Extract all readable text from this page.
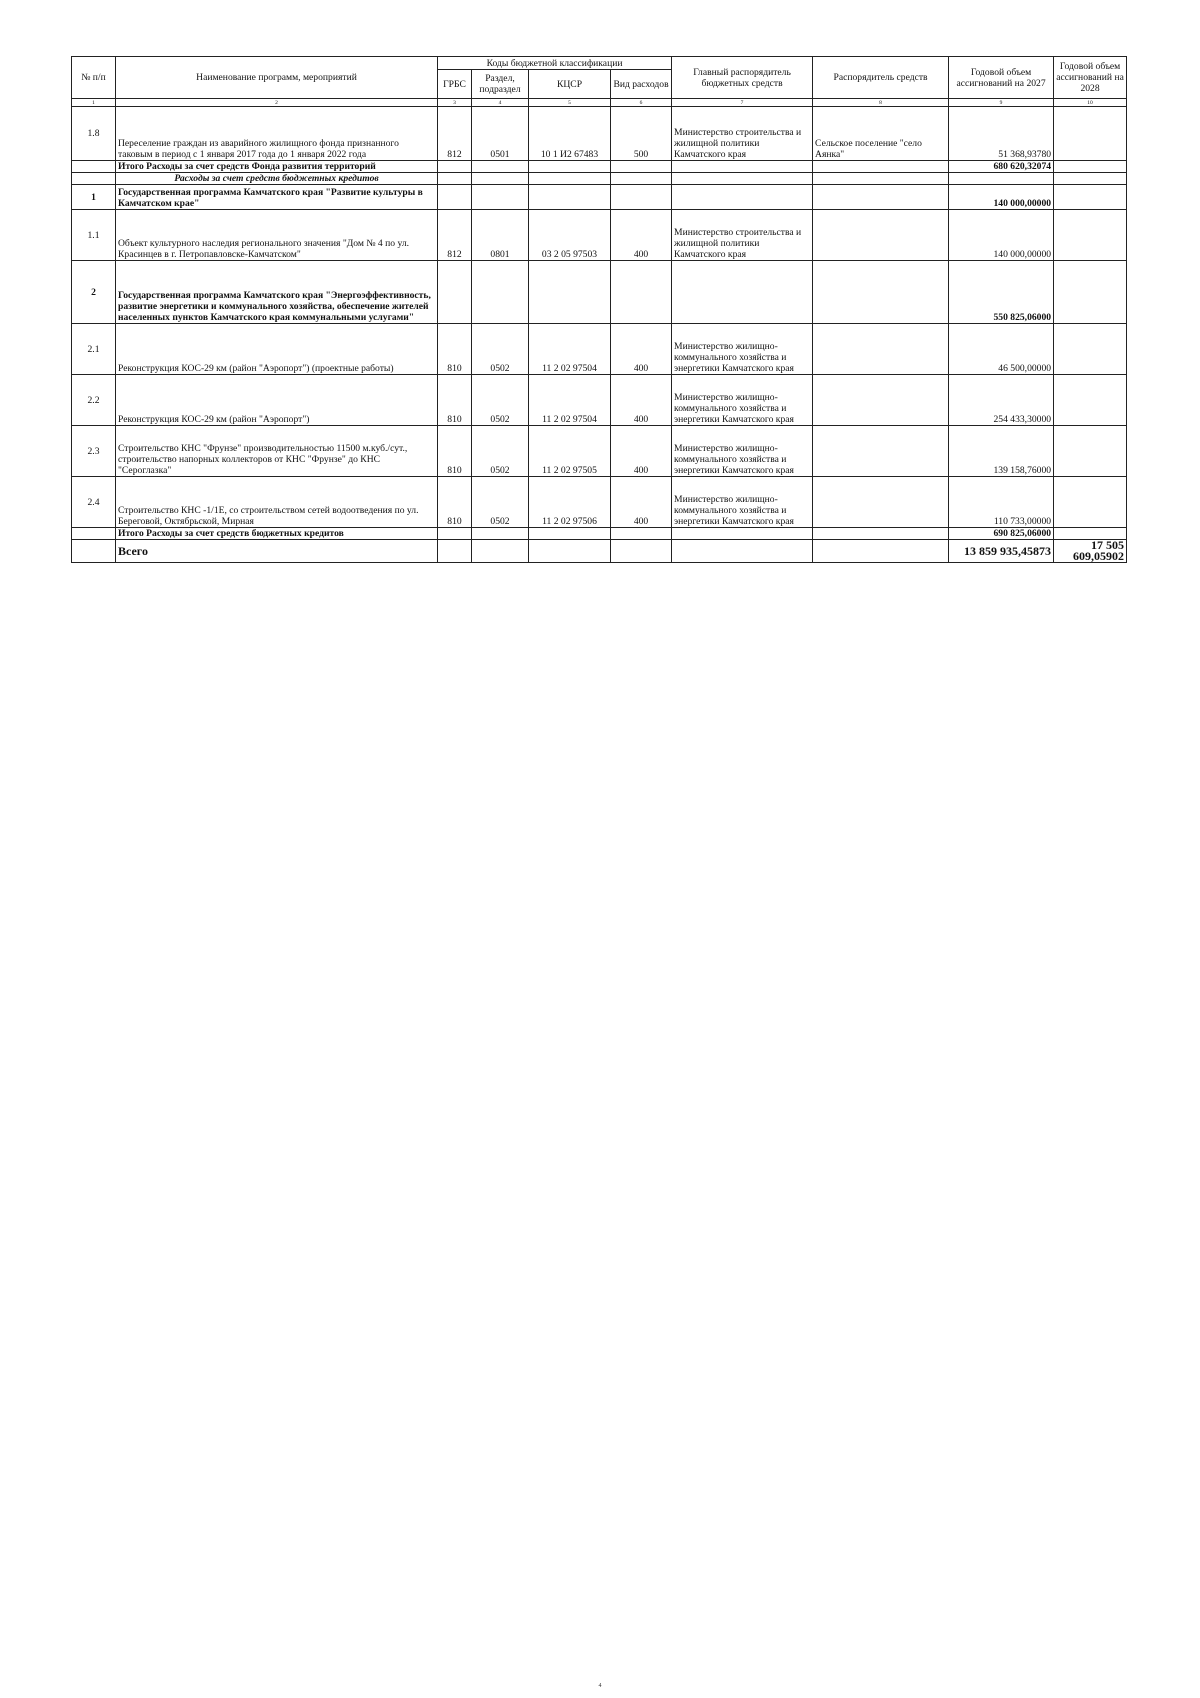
№ п/п	Наименование программ, мероприятий	Коды бюджетной классификации				Главный распорядитель бюджетных средств	Распорядитель средств	Годовой объем ассигнований на 2027	Годовой объем ассигнований на 2028
		ГРБС	Раздел, подраздел	КЦСР	Вид расходов				
1	2	3	4	5	6	7	8	9	10
1.8	Переселение граждан из аварийного жилищного фонда признанного таковым в период с 1 января 2017 года до 1 января 2022 года	812	0501	10 1 И2 67483	500	Министерство строительства и жилищной политики Камчатского края	Сельское поселение "село Аянка"	51 368,93780	
	Итого Расходы за счет средств Фонда развития территорий							680 620,32074	
	Расходы за счет средств бюджетных кредитов								
1	Государственная программа Камчатского края "Развитие культуры в Камчатском крае"							140 000,00000	
1.1	Объект культурного наследия регионального значения "Дом № 4 по ул. Красинцев в г. Петропавловске-Камчатском"	812	0801	03 2 05 97503	400	Министерство строительства и жилищной политики Камчатского края		140 000,00000	
2	Государственная программа Камчатского края "Энергоэффективность, развитие энергетики и коммунального хозяйства, обеспечение жителей населенных пунктов Камчатского края коммунальными услугами"							550 825,06000	
2.1	Реконструкция КОС-29 км (район "Аэропорт") (проектные работы)	810	0502	11 2 02 97504	400	Министерство жилищно-коммунального хозяйства и энергетики Камчатского края		46 500,00000	
2.2	Реконструкция КОС-29 км (район "Аэропорт")	810	0502	11 2 02 97504	400	Министерство жилищно-коммунального хозяйства и энергетики Камчатского края		254 433,30000	
2.3	Строительство КНС "Фрунзе" производительностью 11500 м.куб./сут., строительство напорных коллекторов от КНС "Фрунзе" до КНС "Сероглазка"	810	0502	11 2 02 97505	400	Министерство жилищно-коммунального хозяйства и энергетики Камчатского края		139 158,76000	
2.4	Строительство КНС -1/1Е, со строительством сетей водоотведения по ул. Береговой, Октябрьской, Мирная	810	0502	11 2 02 97506	400	Министерство жилищно-коммунального хозяйства и энергетики Камчатского края		110 733,00000	
	Итого Расходы за счет средств бюджетных кредитов							690 825,06000	
	Всего							13 859 935,45873	17 505 609,05902
4
